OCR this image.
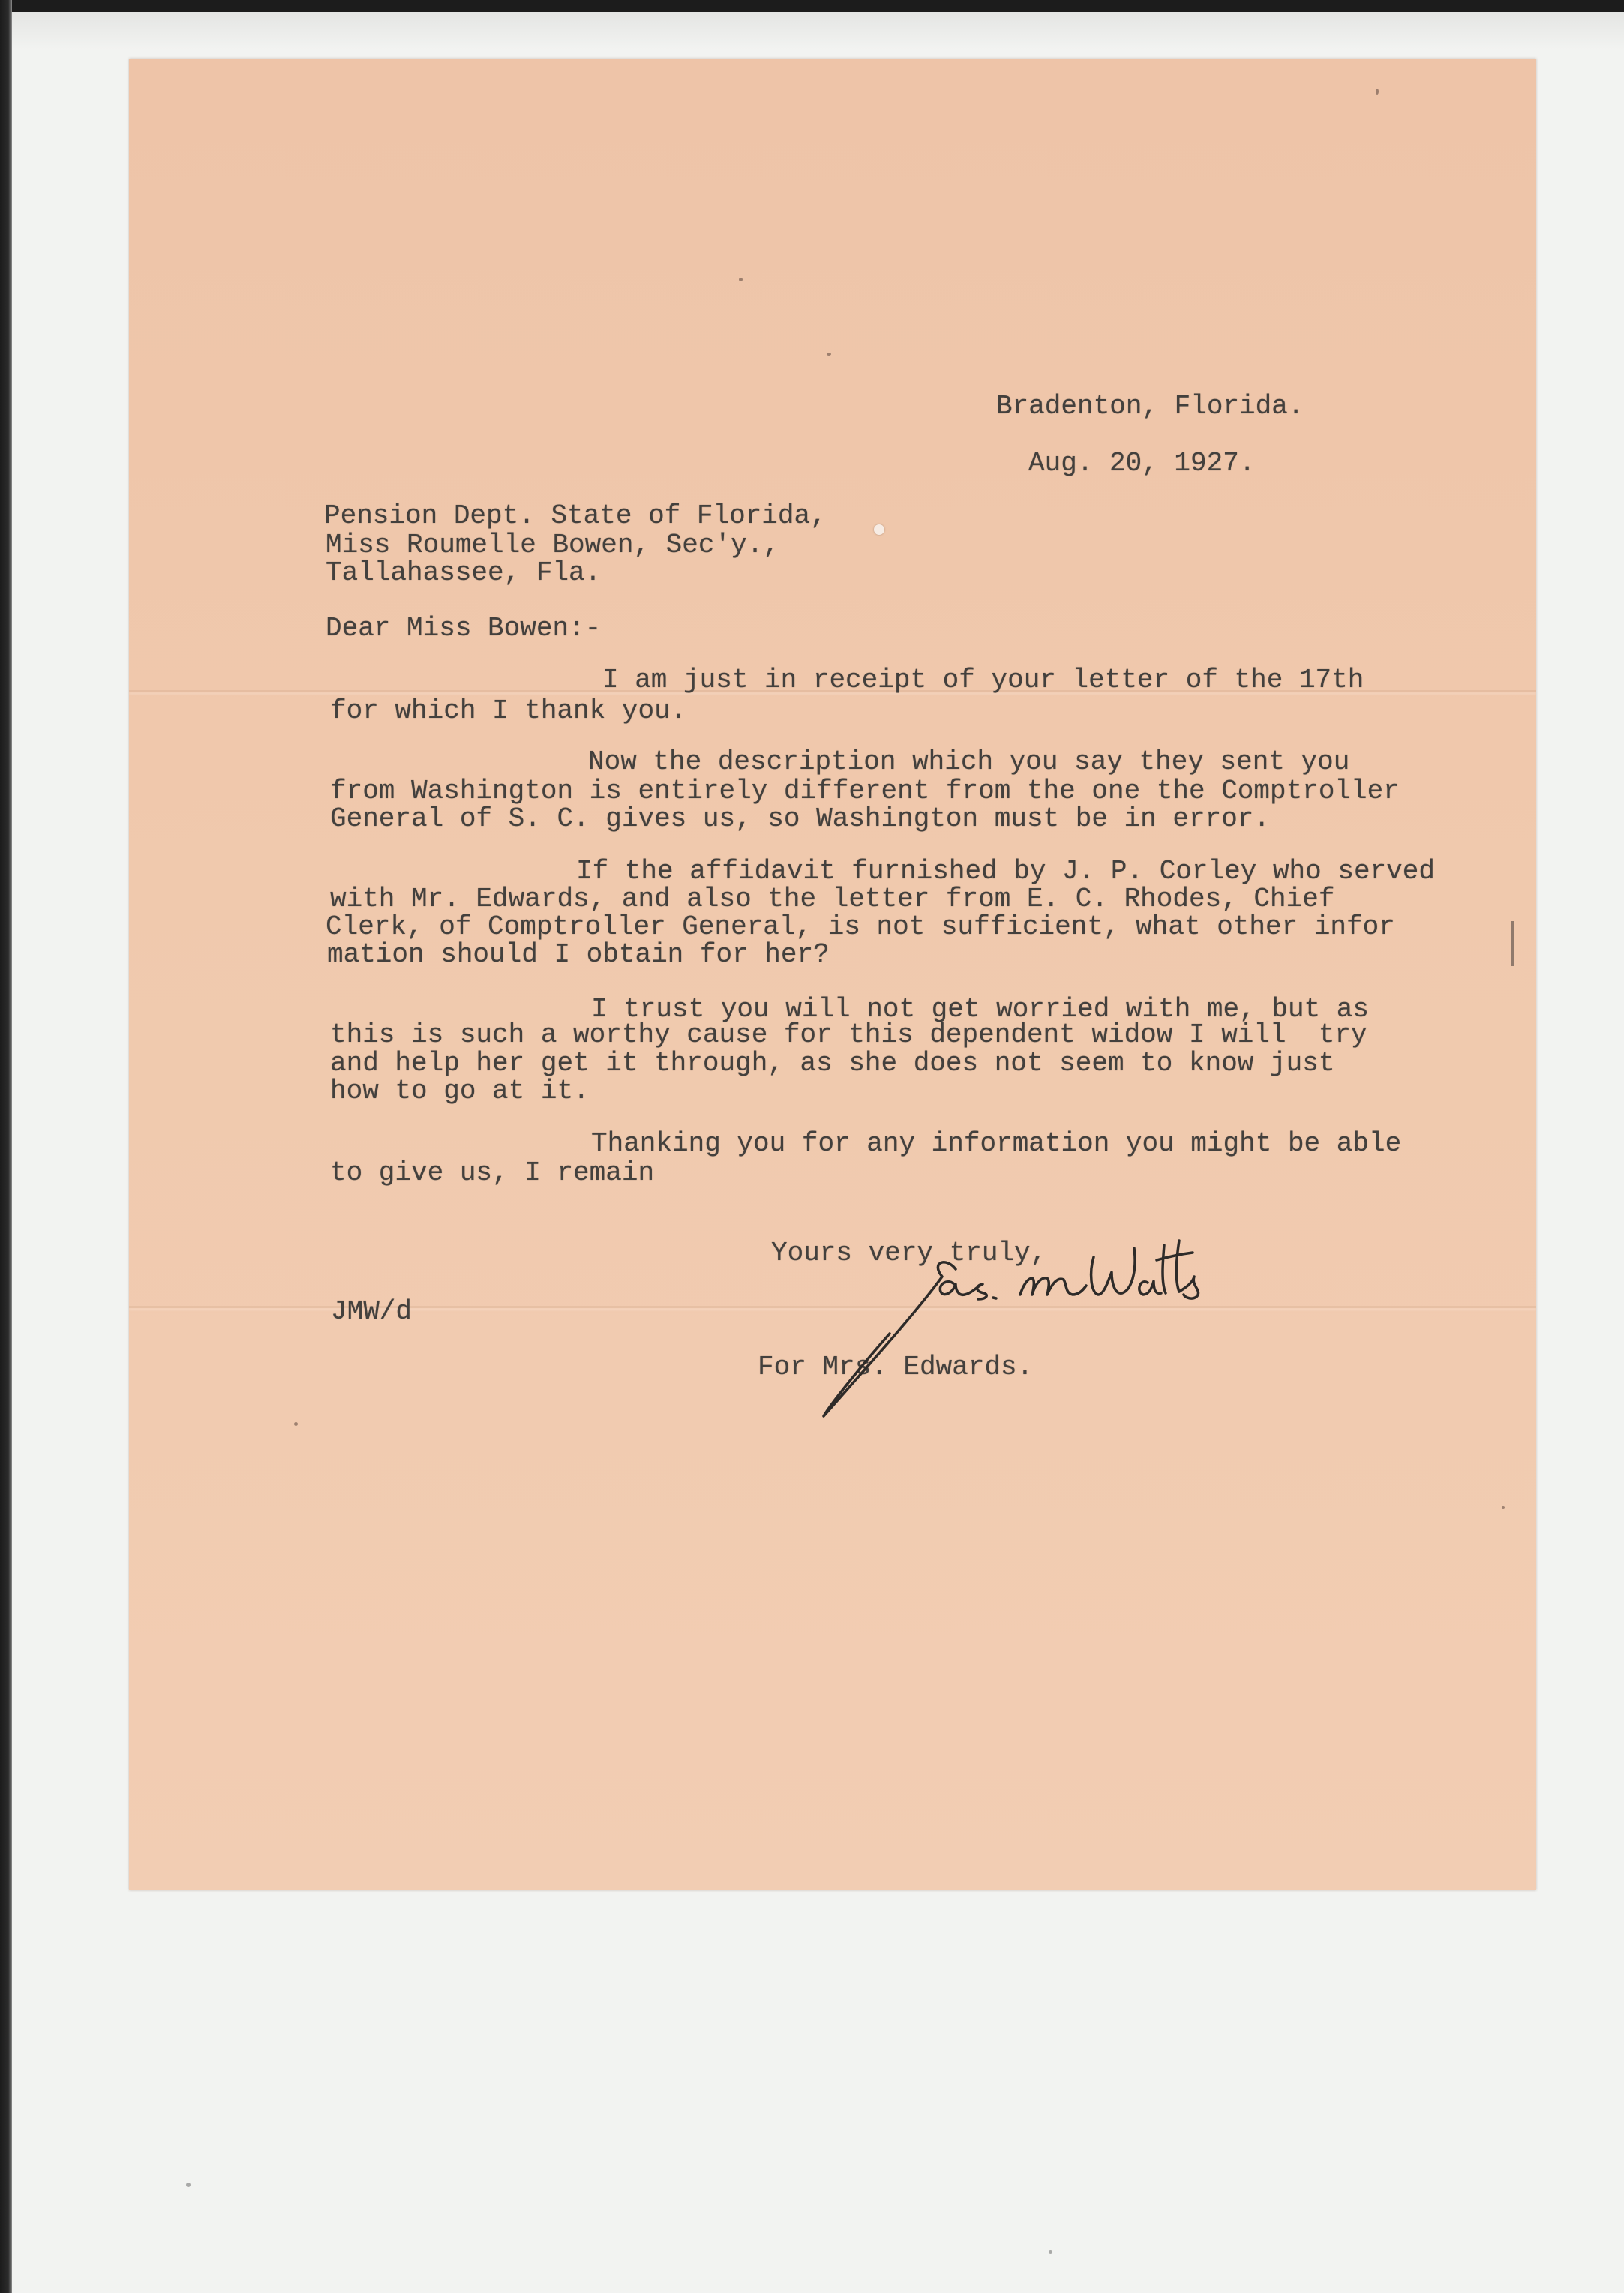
Bradenton, Florida.
Aug. 20, 1927.
Pension Dept. State of Florida,
Miss Roumelle Bowen, Sec'y.,
Tallahassee, Fla.
Dear Miss Bowen:-
I am just in receipt of your letter of the 17th
for which I thank you.
Now the description which you say they sent you
from Washington is entirely different from the one the Comptroller
General of S. C. gives us, so Washington must be in error.
If the affidavit furnished by J. P. Corley who served
with Mr. Edwards, and also the letter from E. C. Rhodes, Chief
Clerk, of Comptroller General, is not sufficient, what other infor
mation should I obtain for her?
I trust you will not get worried with me, but as
this is such a worthy cause for this dependent widow I will  try
and help her get it through, as she does not seem to know just
how to go at it.
Thanking you for any information you might be able
to give us, I remain
Yours very truly,
JMW/d
For Mrs. Edwards.
